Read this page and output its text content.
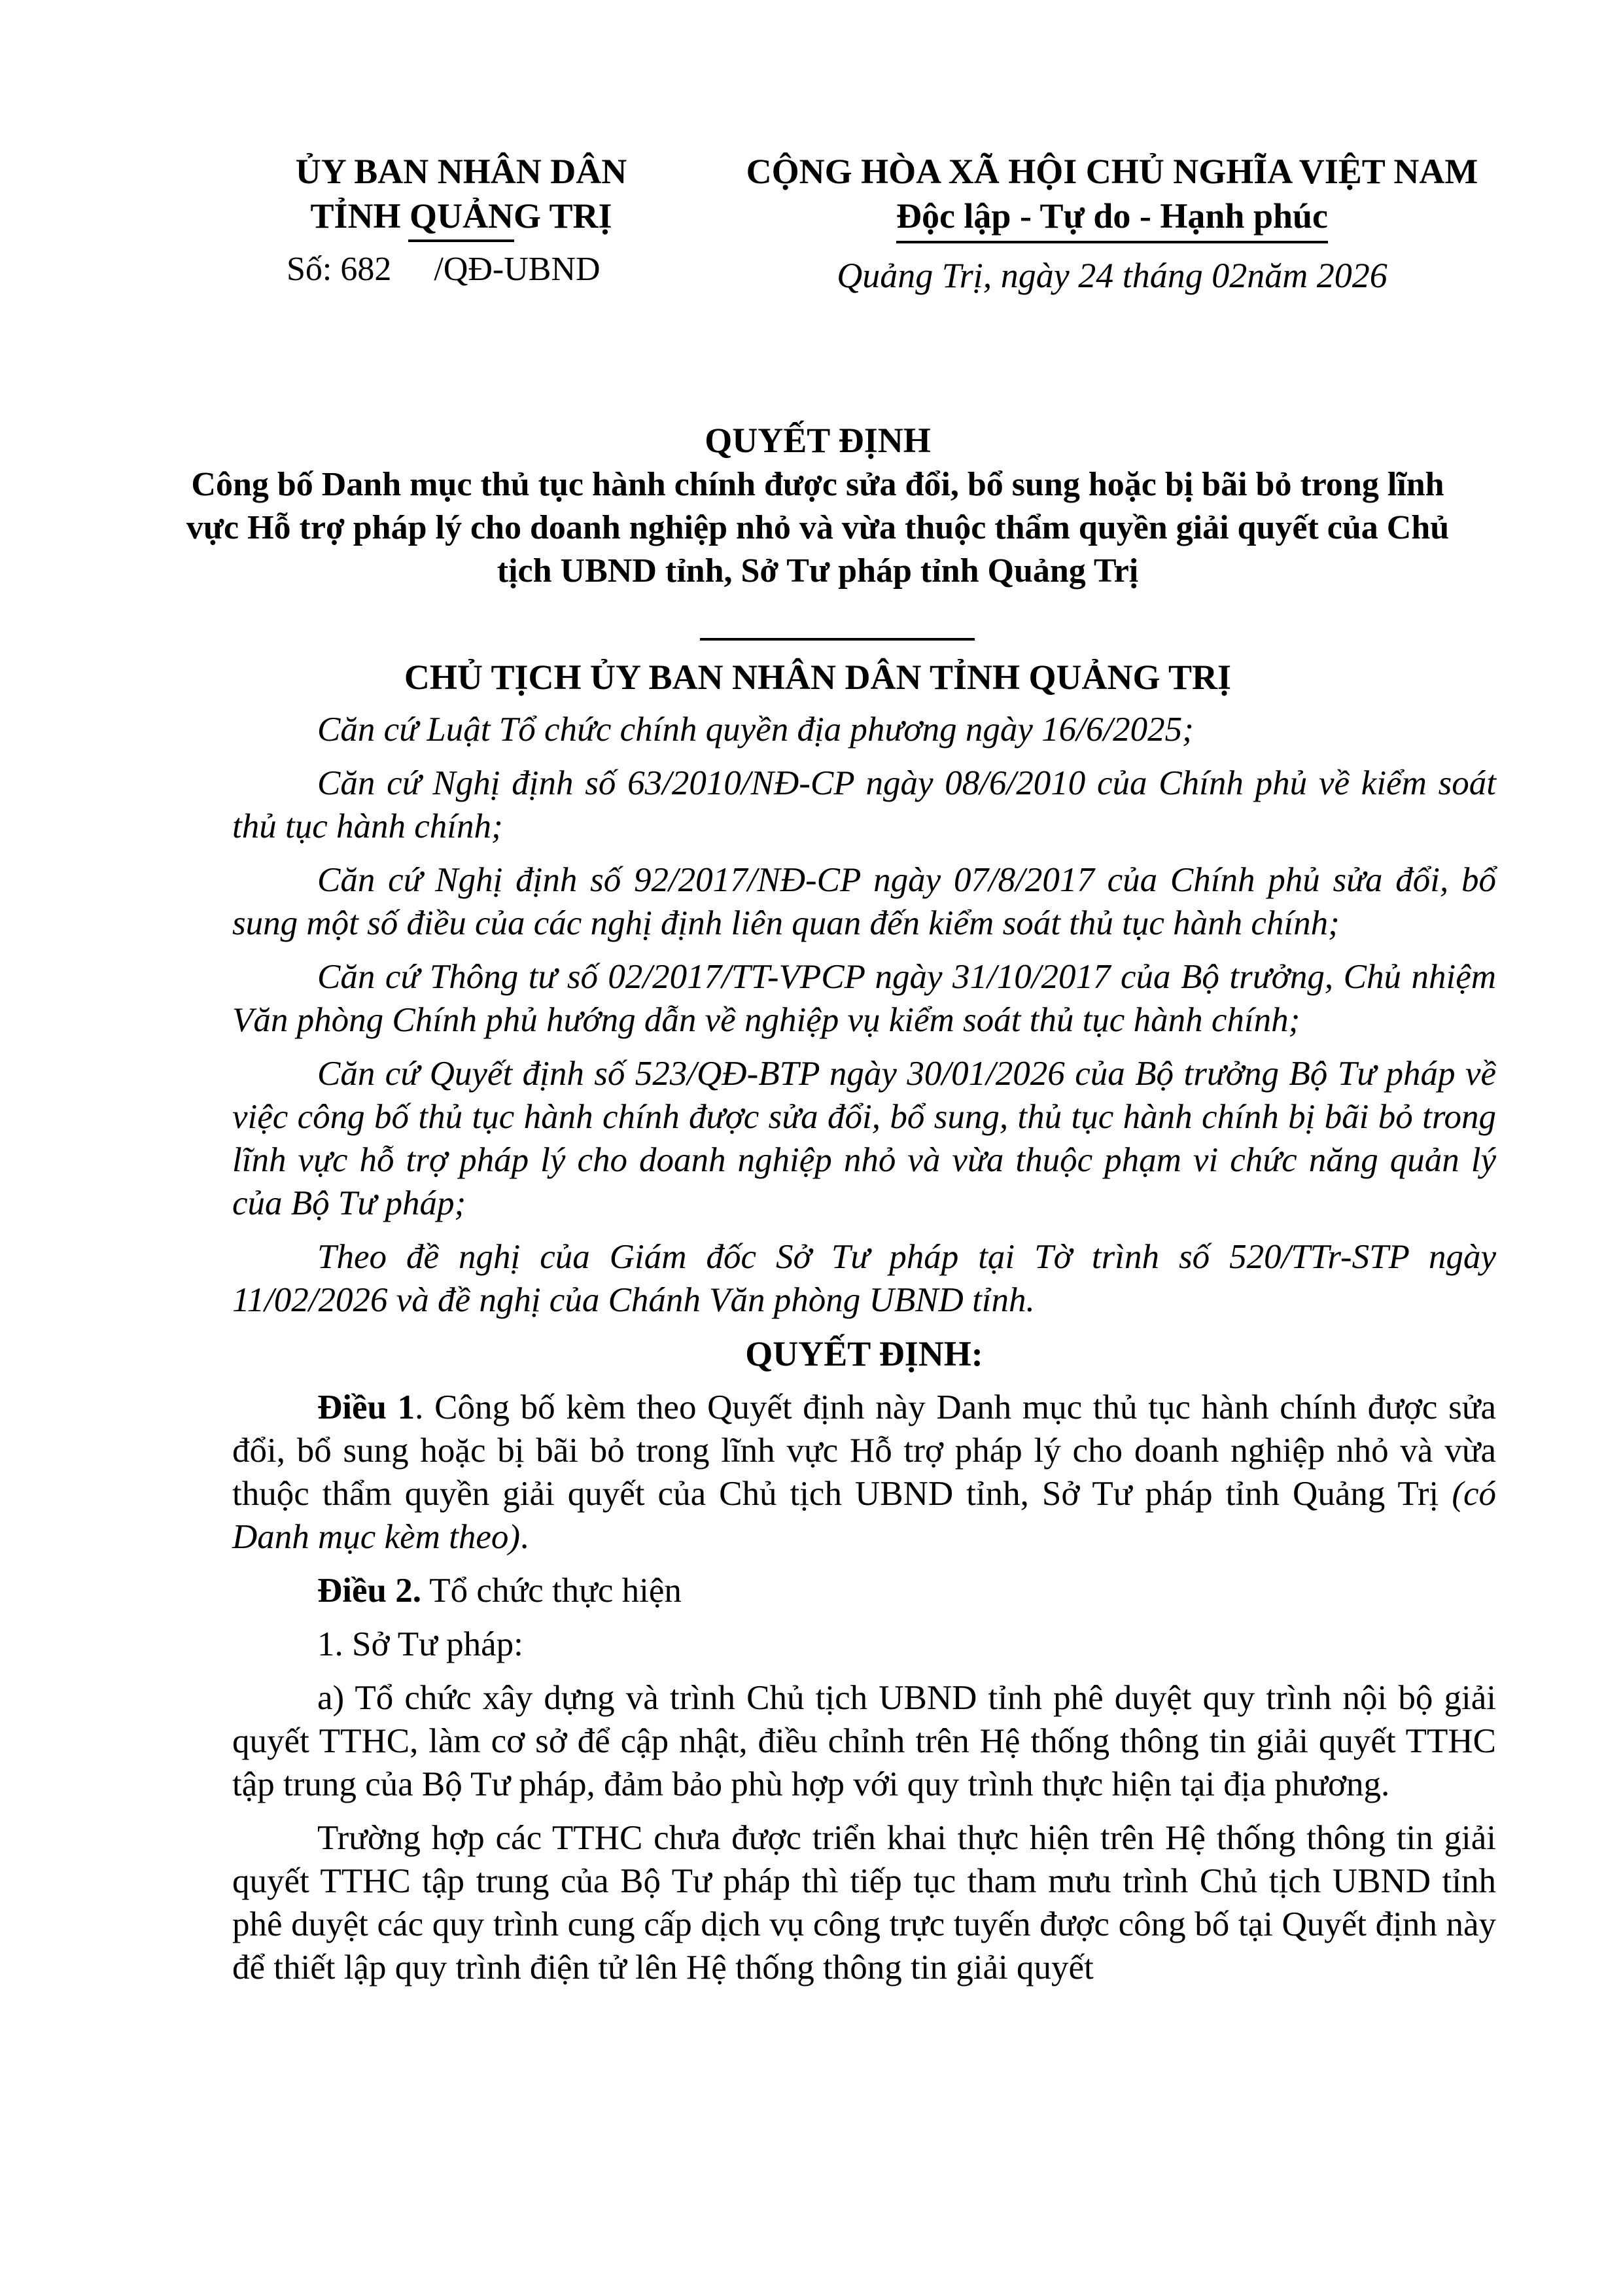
ỦY BAN NHÂN DÂN
TỈNH QUẢNG TRỊ
Số: 682     /QĐ-UBND
CỘNG HÒA XÃ HỘI CHỦ NGHĨA VIỆT NAM
Độc lập - Tự do - Hạnh phúc
Quảng Trị, ngày 24 tháng 02năm 2026
QUYẾT ĐỊNH
Công bố Danh mục thủ tục hành chính được sửa đổi, bổ sung hoặc bị bãi bỏ trong lĩnh vực Hỗ trợ pháp lý cho doanh nghiệp nhỏ và vừa thuộc thẩm quyền giải quyết của Chủ tịch UBND tỉnh, Sở Tư pháp tỉnh Quảng Trị
CHỦ TỊCH ỦY BAN NHÂN DÂN TỈNH QUẢNG TRỊ

Căn cứ Luật Tổ chức chính quyền địa phương ngày 16/6/2025;

Căn cứ Nghị định số 63/2010/NĐ-CP ngày 08/6/2010 của Chính phủ về kiểm soát thủ tục hành chính;

Căn cứ Nghị định số 92/2017/NĐ-CP ngày 07/8/2017 của Chính phủ sửa đổi, bổ sung một số điều của các nghị định liên quan đến kiểm soát thủ tục hành chính;

Căn cứ Thông tư số 02/2017/TT-VPCP ngày 31/10/2017 của Bộ trưởng, Chủ nhiệm Văn phòng Chính phủ hướng dẫn về nghiệp vụ kiểm soát thủ tục hành chính;

Căn cứ Quyết định số 523/QĐ-BTP ngày 30/01/2026 của Bộ trưởng Bộ Tư pháp về việc công bố thủ tục hành chính được sửa đổi, bổ sung, thủ tục hành chính bị bãi bỏ trong lĩnh vực hỗ trợ pháp lý cho doanh nghiệp nhỏ và vừa thuộc phạm vi chức năng quản lý của Bộ Tư pháp;

Theo đề nghị của Giám đốc Sở Tư pháp tại Tờ trình số 520/TTr-STP ngày 11/02/2026 và đề nghị của Chánh Văn phòng UBND tỉnh.

QUYẾT ĐỊNH:

Điều 1. Công bố kèm theo Quyết định này Danh mục thủ tục hành chính được sửa đổi, bổ sung hoặc bị bãi bỏ trong lĩnh vực Hỗ trợ pháp lý cho doanh nghiệp nhỏ và vừa thuộc thẩm quyền giải quyết của Chủ tịch UBND tỉnh, Sở Tư pháp tỉnh Quảng Trị (có Danh mục kèm theo).

Điều 2. Tổ chức thực hiện

1. Sở Tư pháp:

a) Tổ chức xây dựng và trình Chủ tịch UBND tỉnh phê duyệt quy trình nội bộ giải quyết TTHC, làm cơ sở để cập nhật, điều chỉnh trên Hệ thống thông tin giải quyết TTHC tập trung của Bộ Tư pháp, đảm bảo phù hợp với quy trình thực hiện tại địa phương.

Trường hợp các TTHC chưa được triển khai thực hiện trên Hệ thống thông tin giải quyết TTHC tập trung của Bộ Tư pháp thì tiếp tục tham mưu trình Chủ tịch UBND tỉnh phê duyệt các quy trình cung cấp dịch vụ công trực tuyến được công bố tại Quyết định này để thiết lập quy trình điện tử lên Hệ thống thông tin giải quyết
